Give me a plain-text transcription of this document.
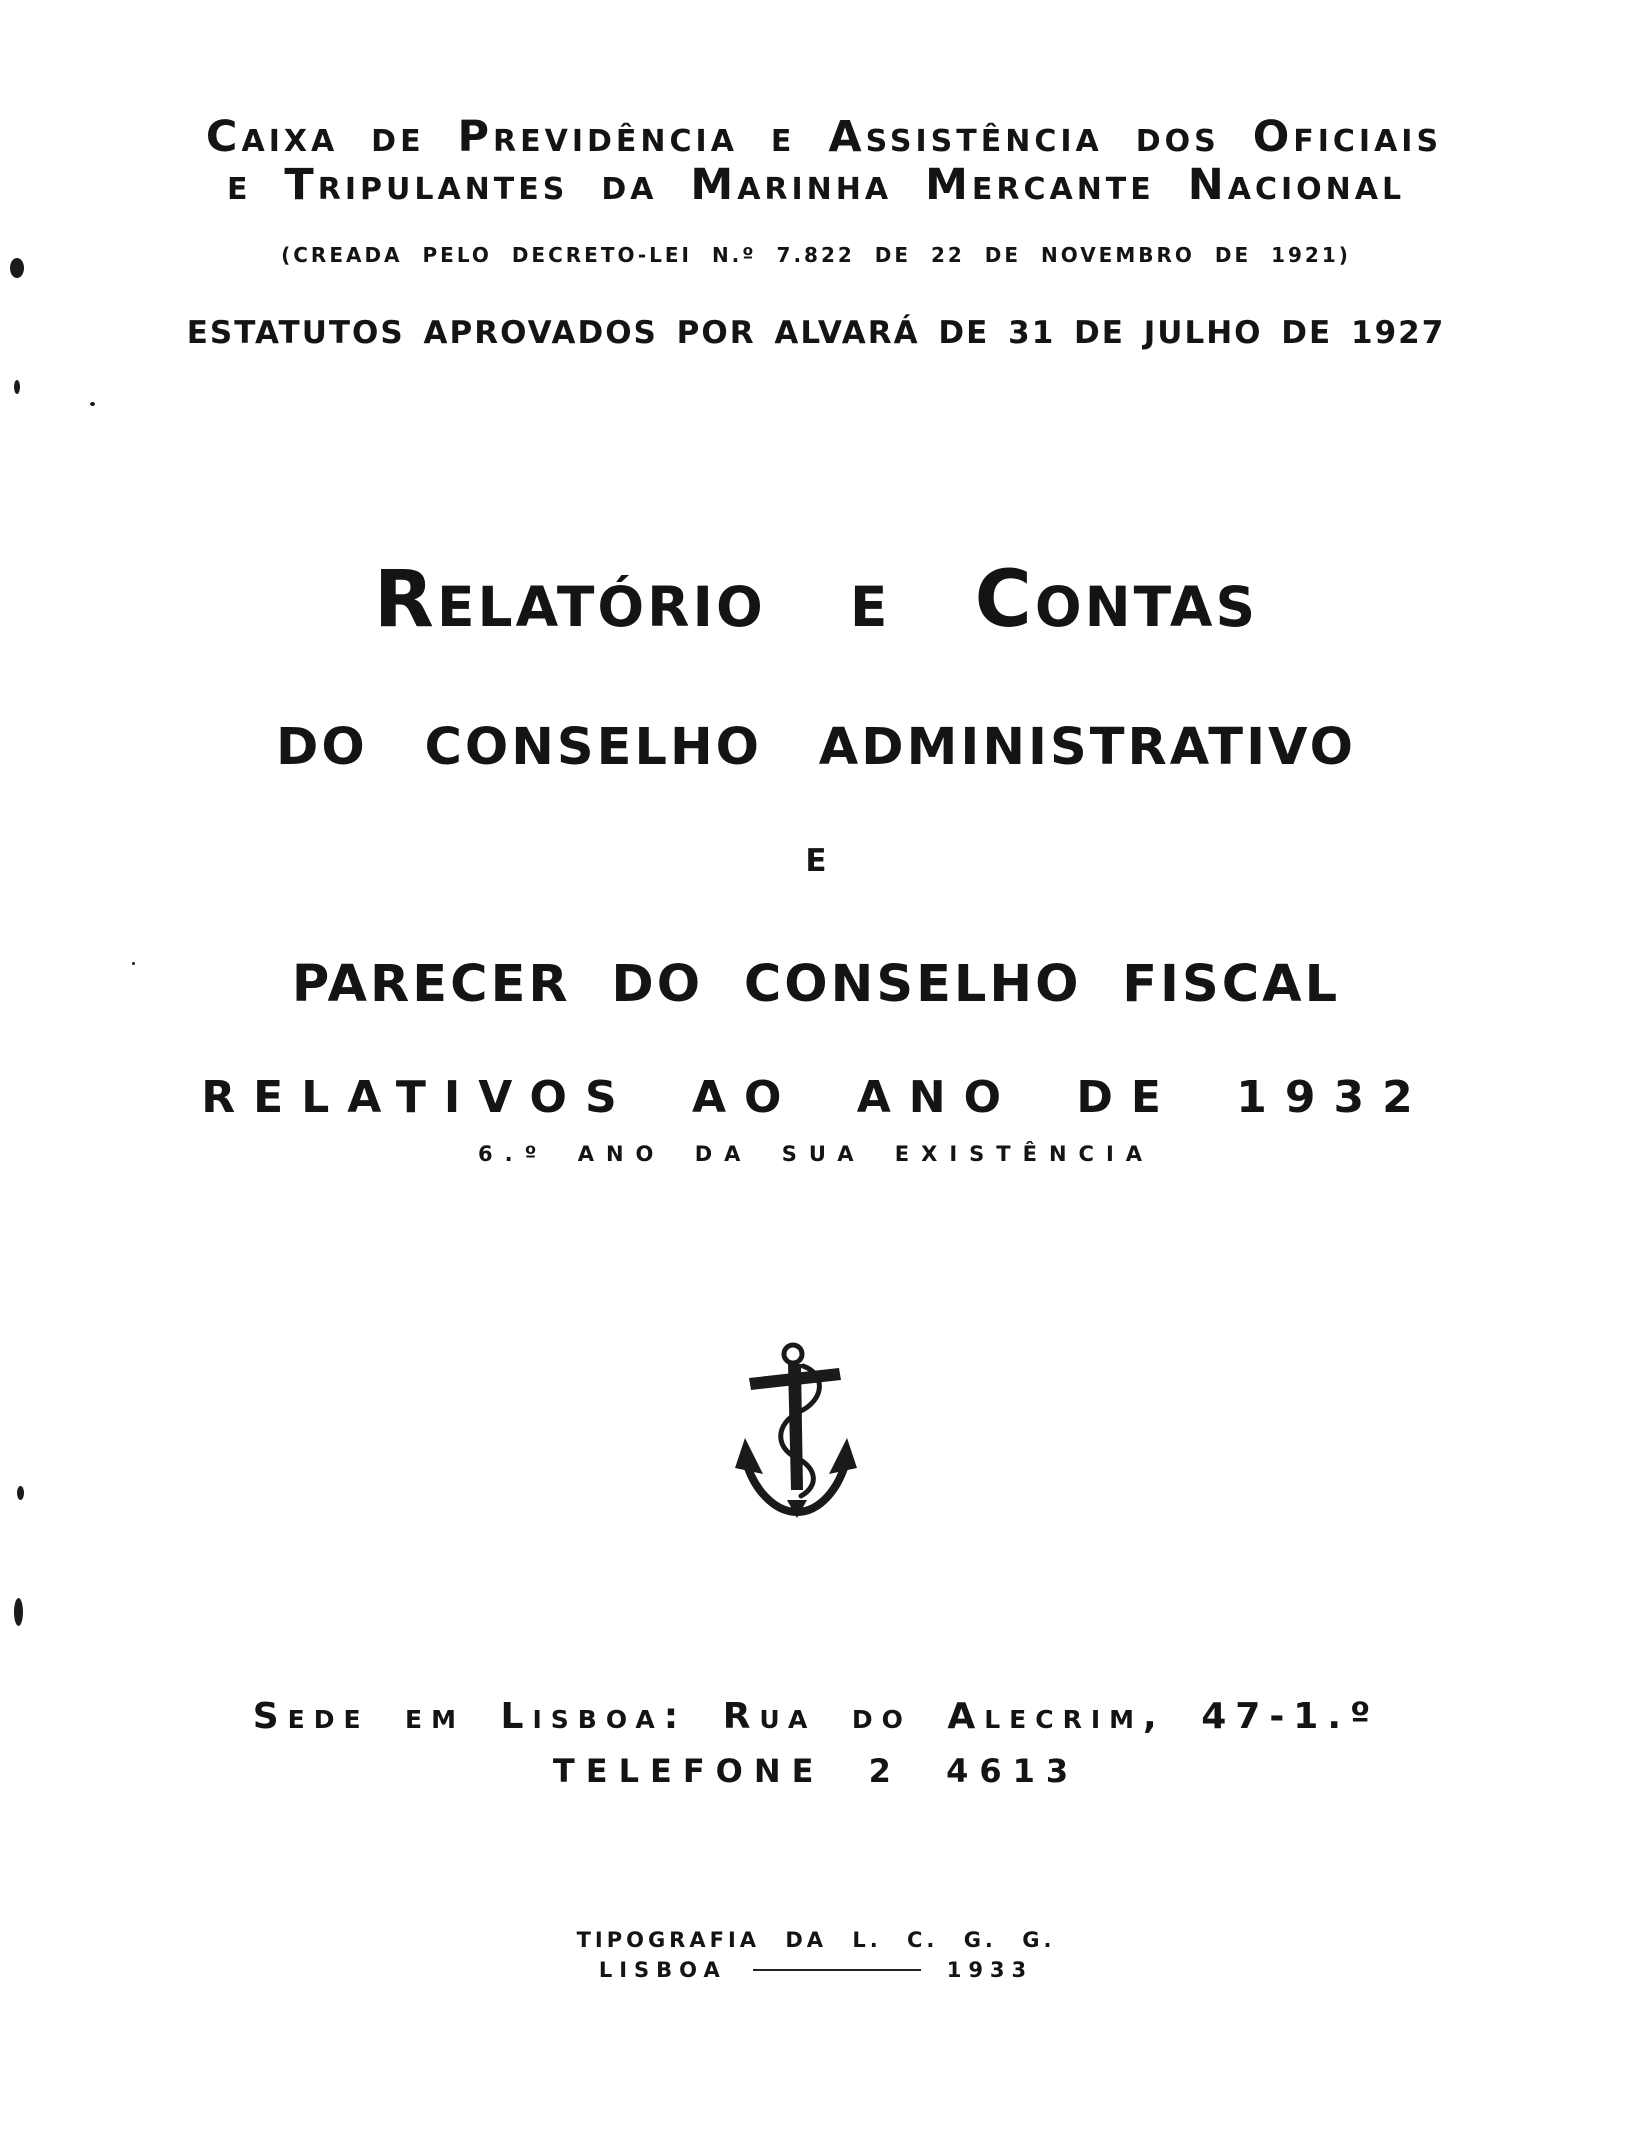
Caixa de Previdência e Assistência dos Oficiais
e Tripulantes da Marinha Mercante Nacional
(CREADA PELO DECRETO-LEI N.º 7.822 DE 22 DE NOVEMBRO DE 1921)
ESTATUTOS APROVADOS POR ALVARÁ DE 31 DE JULHO DE 1927
Relatório e Contas
DO CONSELHO ADMINISTRATIVO
E
PARECER DO CONSELHO FISCAL
RELATIVOS AO ANO DE 1932
6.º ANO DA SUA EXISTÊNCIA
Sede em Lisboa: Rua do Alecrim, 47-1.º
TELEFONE 2 4613
TIPOGRAFIA DA L. C. G. G.
LISBOA	1933
